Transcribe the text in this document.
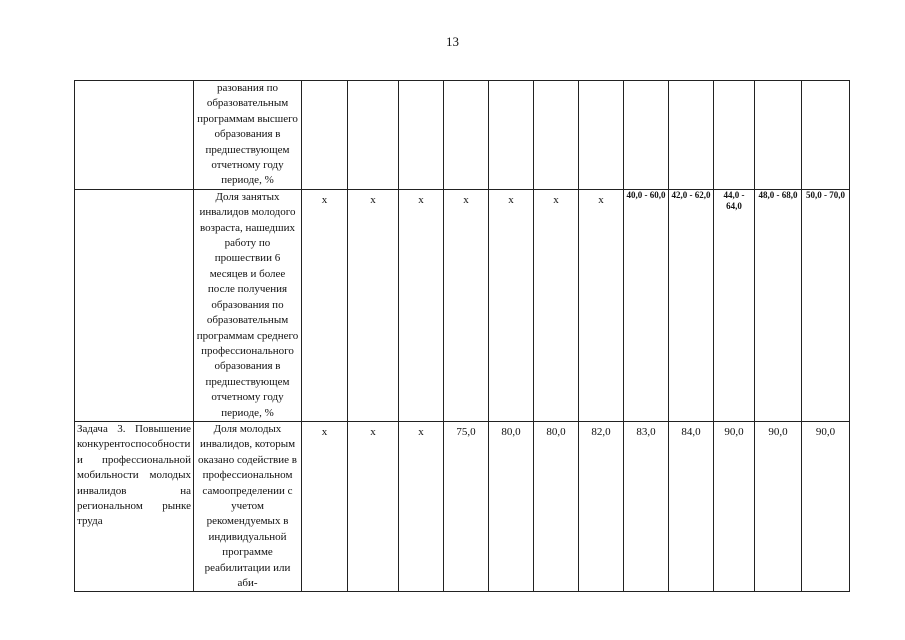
13
	разования по образовательным программам высшего образования в предшествующем отчетному году периоде, %												
	Доля занятых инвалидов молодого возраста, нашедших работу по прошествии 6 месяцев и более после получения образования по образовательным программам среднего профессионального образования в предшествующем отчетному году периоде, %	х	х	х	х	х	х	х	40,0 - 60,0	42,0 - 62,0	44,0 - 64,0	48,0 - 68,0	50,0 - 70,0
Задача 3. Повышение конкурентоспособности и профессиональной мобильности молодых инвалидов на региональном рынке труда	Доля молодых инвалидов, которым оказано содействие в профессиональном самоопределении с учетом рекомендуемых в индивидуальной программе реабилитации или аби-	х	х	х	75,0	80,0	80,0	82,0	83,0	84,0	90,0	90,0	90,0
